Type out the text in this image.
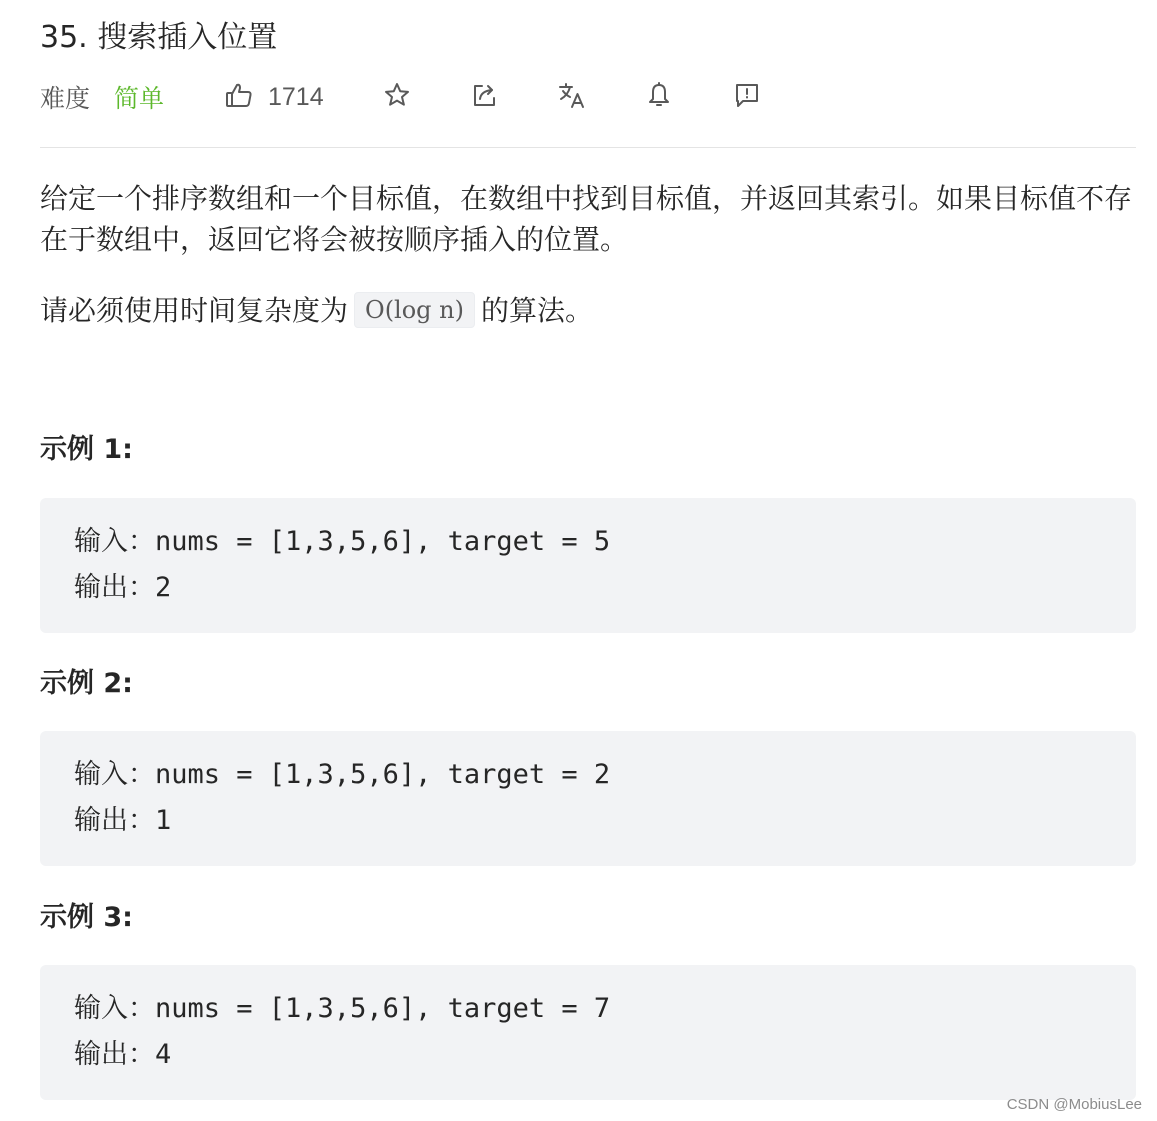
35. 搜索插入位置
难度 简单	1714
给定一个排序数组和一个目标值，在数组中找到目标值，并返回其索引。如果目标值不存在于数组中，返回它将会被按顺序插入的位置。
请必须使用时间复杂度为 O(log n) 的算法。
示例 1:
输入：nums = [1,3,5,6], target = 5
输出：2
示例 2:
输入：nums = [1,3,5,6], target = 2
输出：1
示例 3:
输入：nums = [1,3,5,6], target = 7
输出：4
CSDN @MobiusLee
